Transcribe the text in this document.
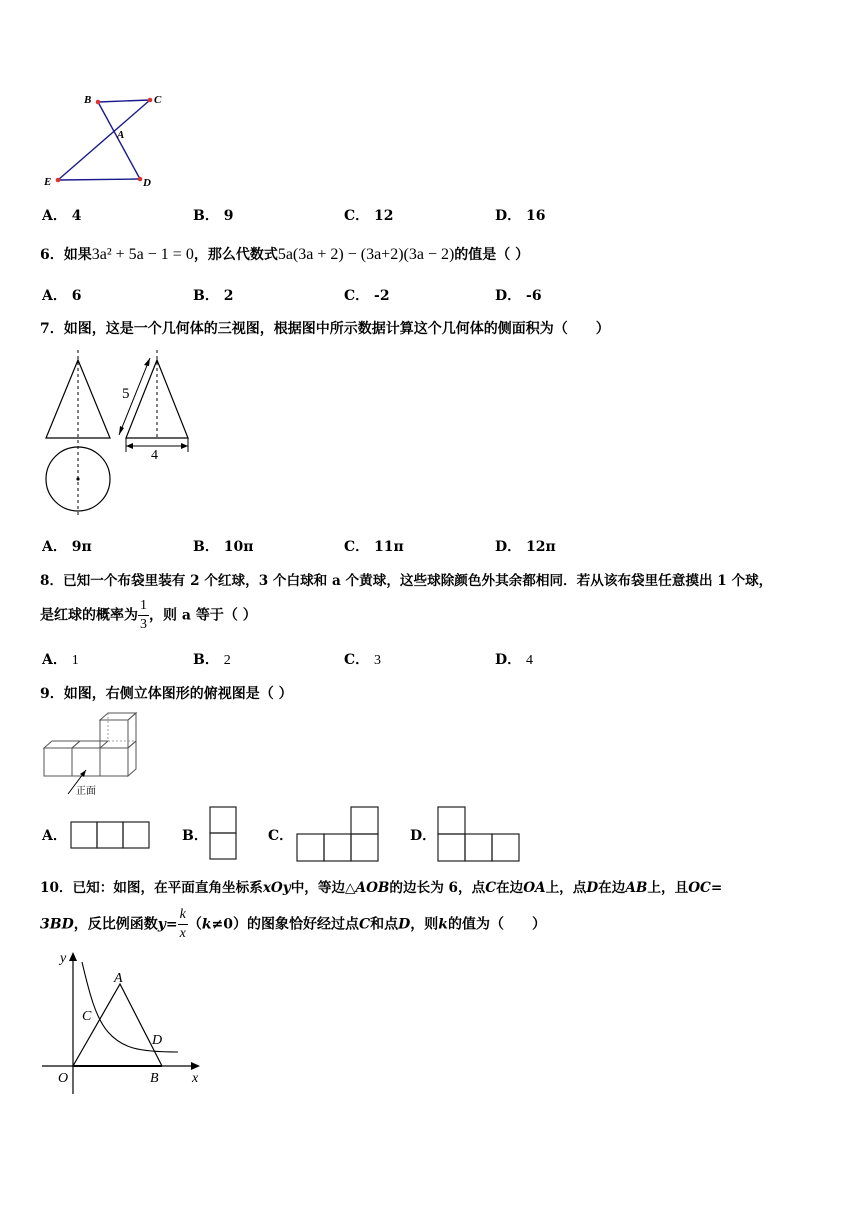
B	C
A
E	D
A． 4	B． 9	C． 12	D． 16
6．如果3a² + 5a − 1 = 0，那么代数式5a(3a + 2) − (3a+2)(3a − 2)的值是（ ）
A． 6	B． 2	C． -2	D． -6
7．如图，这是一个几何体的三视图，根据图中所示数据计算这个几何体的侧面积为（　　）
5
4
A． 9π	B． 10π	C． 11π	D． 12π
8．已知一个布袋里装有 2 个红球，3 个白球和 a 个黄球，这些球除颜色外其余都相同．若从该布袋里任意摸出 1 个球，
是红球的概率为 $\frac{1}{3}$ ，则 a 等于（ ）
A． 1	B． 2	C． 3	D． 4
9．如图，右侧立体图形的俯视图是（ ）
正面
A．	B．	C．	D．
10．已知：如图，在平面直角坐标系xOy中，等边△AOB的边长为 6，点C在边OA上，点D在边AB上，且OC=
3BD，反比例函数$y= \frac{k}{x} (k\ne 0)$的图象恰好经过点C和点D，则k的值为（　　）
y
x
O
A
B
C
D
